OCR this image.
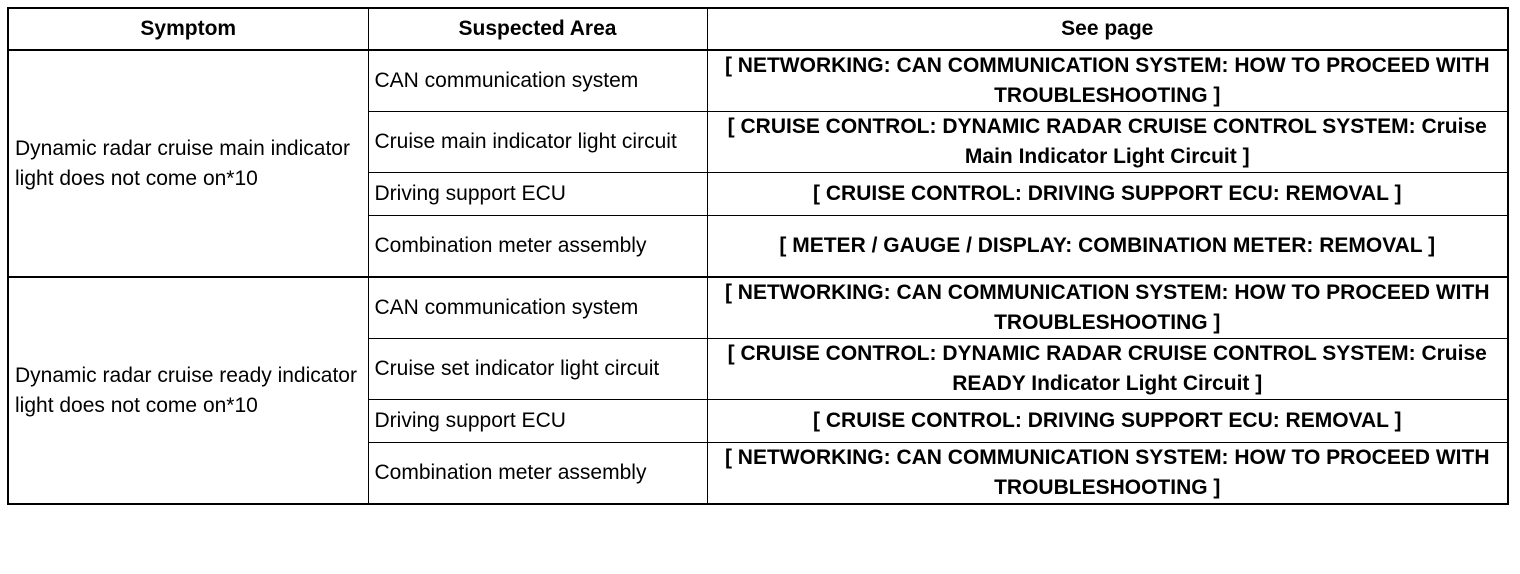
Symptom	Suspected Area	See page
Dynamic radar cruise main indicator light does not come on*10	CAN communication system	[ NETWORKING: CAN COMMUNICATION SYSTEM: HOW TO PROCEED WITH TROUBLESHOOTING ]
	Cruise main indicator light circuit	[ CRUISE CONTROL: DYNAMIC RADAR CRUISE CONTROL SYSTEM: Cruise Main Indicator Light Circuit ]
	Driving support ECU	[ CRUISE CONTROL: DRIVING SUPPORT ECU: REMOVAL ]
	Combination meter assembly	[ METER / GAUGE / DISPLAY: COMBINATION METER: REMOVAL ]
Dynamic radar cruise ready indicator light does not come on*10	CAN communication system	[ NETWORKING: CAN COMMUNICATION SYSTEM: HOW TO PROCEED WITH TROUBLESHOOTING ]
	Cruise set indicator light circuit	[ CRUISE CONTROL: DYNAMIC RADAR CRUISE CONTROL SYSTEM: Cruise READY Indicator Light Circuit ]
	Driving support ECU	[ CRUISE CONTROL: DRIVING SUPPORT ECU: REMOVAL ]
	Combination meter assembly	[ NETWORKING: CAN COMMUNICATION SYSTEM: HOW TO PROCEED WITH TROUBLESHOOTING ]
